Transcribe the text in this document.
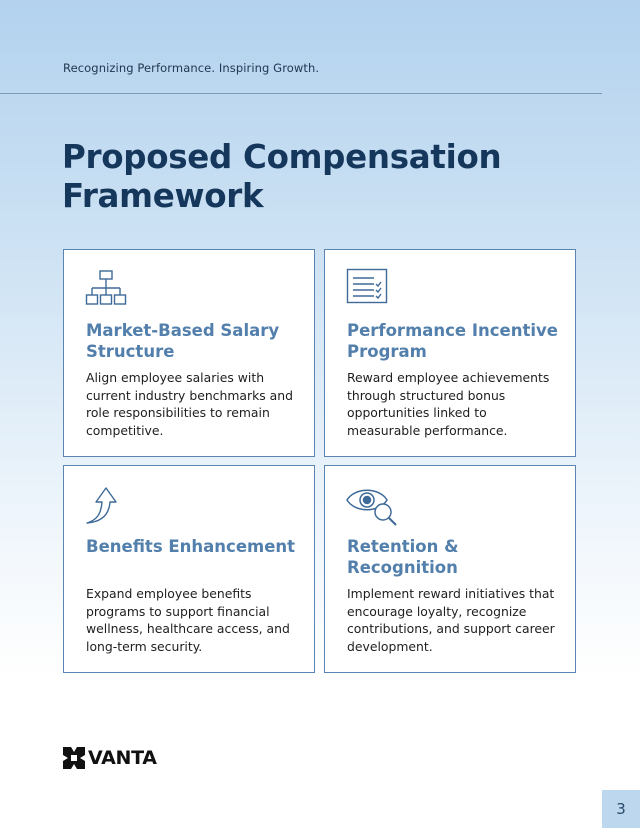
Recognizing Performance. Inspiring Growth.
Proposed Compensation Framework
Market-Based Salary Structure

Align employee salaries with current industry benchmarks and role responsibilities to remain competitive.

Performance Incentive Program

Reward employee achievements through structured bonus opportunities linked to measurable performance.

Benefits Enhancement

Expand employee benefits programs to support financial wellness, healthcare access, and long-term security.

Retention & Recognition

Implement reward initiatives that encourage loyalty, recognize contributions, and support career development.

VANTA
3
